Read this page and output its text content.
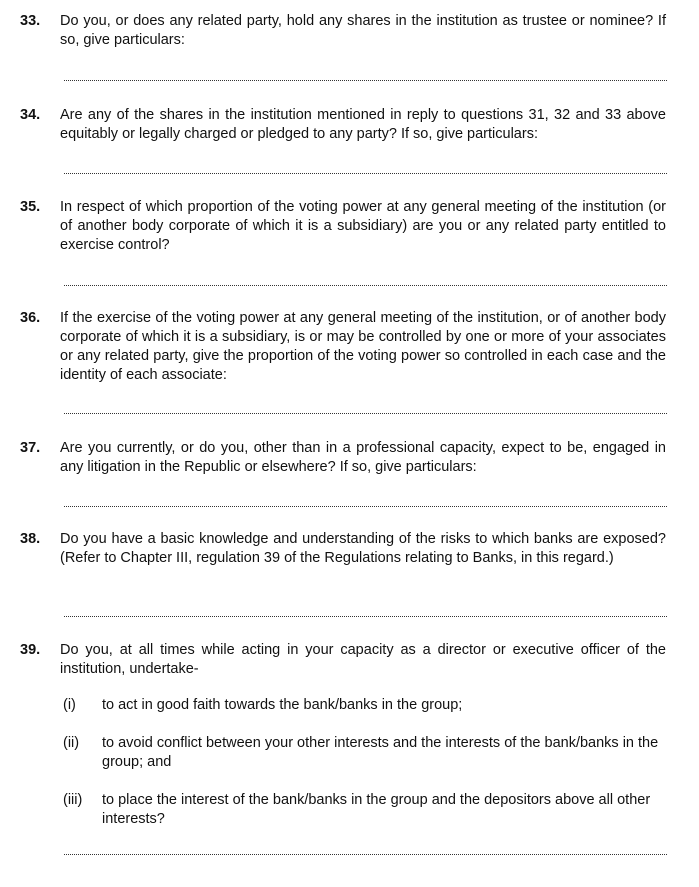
33. Do you, or does any related party, hold any shares in the institution as trustee or nominee? If so, give particulars:
34. Are any of the shares in the institution mentioned in reply to questions 31, 32 and 33 above equitably or legally charged or pledged to any party? If so, give particulars:
35. In respect of which proportion of the voting power at any general meeting of the institution (or of another body corporate of which it is a subsidiary) are you or any related party entitled to exercise control?
36. If the exercise of the voting power at any general meeting of the institution, or of another body corporate of which it is a subsidiary, is or may be controlled by one or more of your associates or any related party, give the proportion of the voting power so controlled in each case and the identity of each associate:
37. Are you currently, or do you, other than in a professional capacity, expect to be, engaged in any litigation in the Republic or elsewhere? If so, give particulars:
38. Do you have a basic knowledge and understanding of the risks to which banks are exposed? (Refer to Chapter III, regulation 39 of the Regulations relating to Banks, in this regard.)
39. Do you, at all times while acting in your capacity as a director or executive officer of the institution, undertake-
(i) to act in good faith towards the bank/banks in the group;
(ii) to avoid conflict between your other interests and the interests of the bank/banks in the group; and
(iii) to place the interest of the bank/banks in the group and the depositors above all other interests?
